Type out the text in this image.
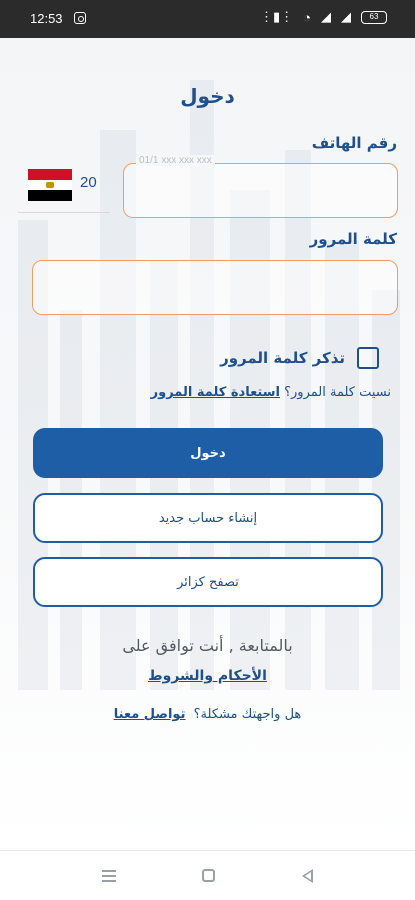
12:53	⋮▮⋮ ◔ ◢ ◢	63
دخول
رقم الهاتف
20
01/1 xxx xxx xxx
كلمة المرور
تذكر كلمة المرور
نسيت كلمة المرور؟ استعادة كلمة المرور
دخول
إنشاء حساب جديد
تصفح كزائر
بالمتابعة , أنت توافق على
الأحكام والشروط
هل واجهتك مشكلة؟ تواصل معنا
